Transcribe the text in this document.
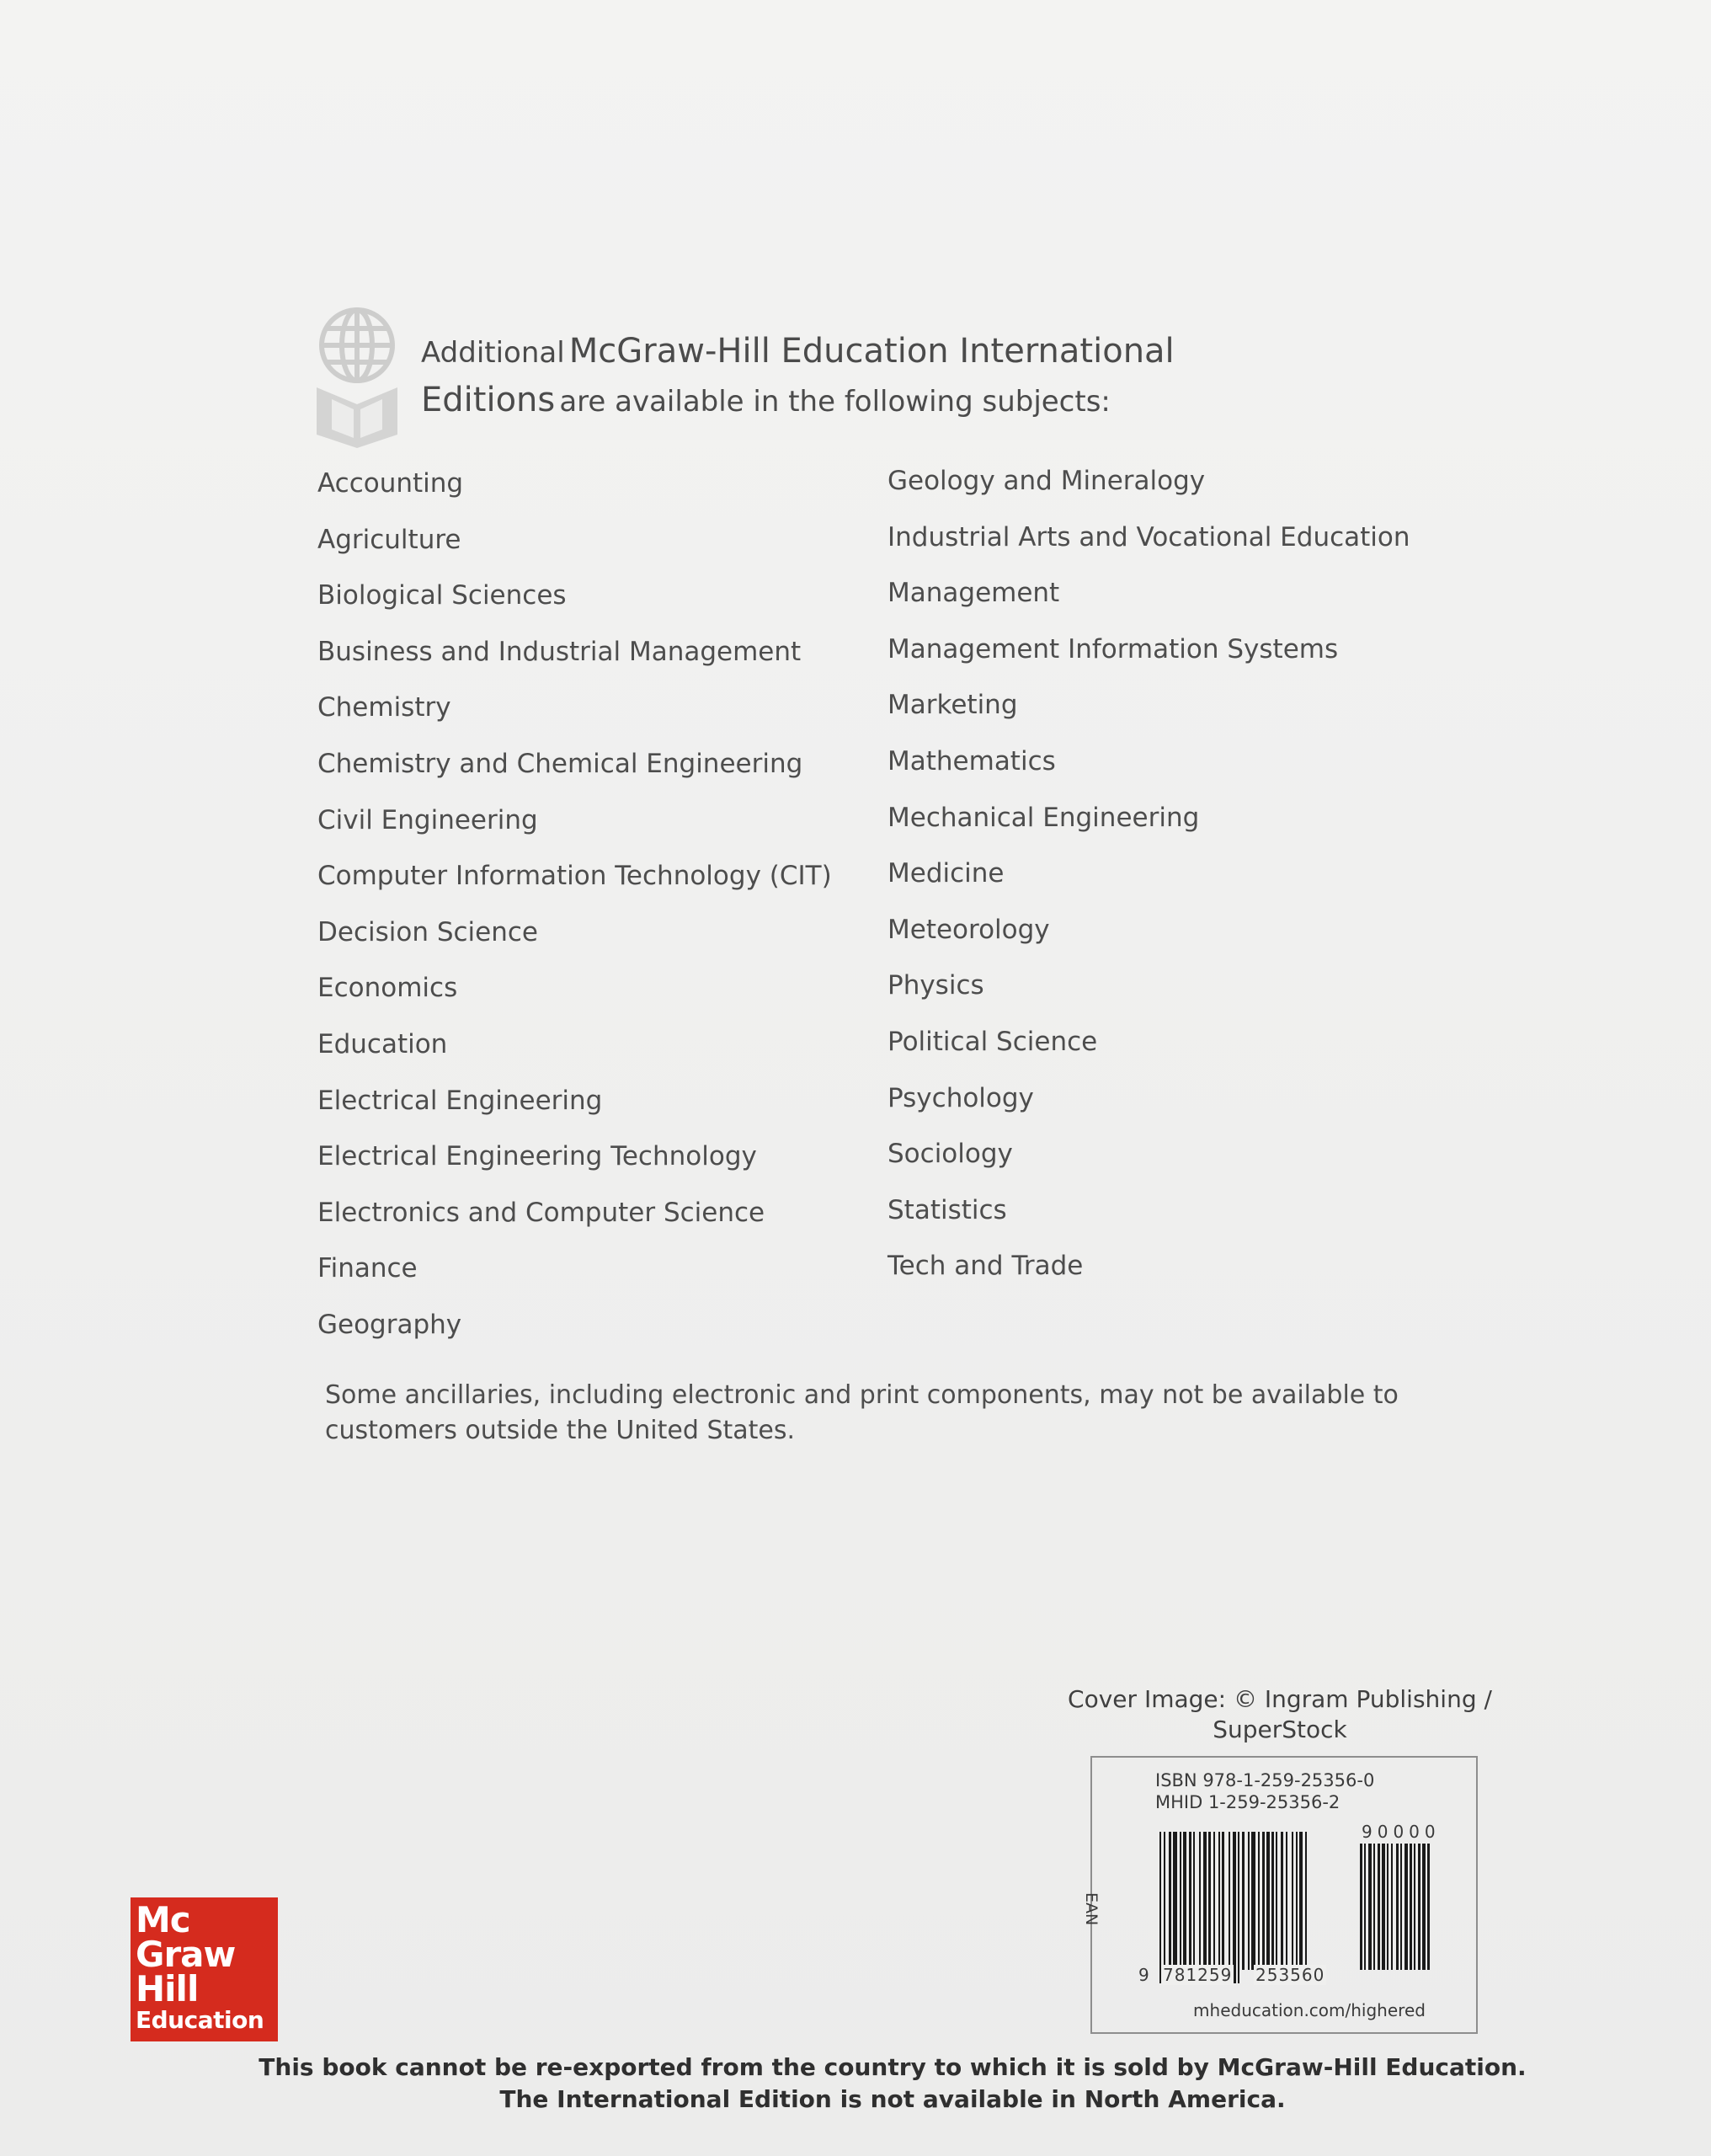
Additional McGraw-Hill Education International
Editions are available in the following subjects:
Accounting
Agriculture
Biological Sciences
Business and Industrial Management
Chemistry
Chemistry and Chemical Engineering
Civil Engineering
Computer Information Technology (CIT)
Decision Science
Economics
Education
Electrical Engineering
Electrical Engineering Technology
Electronics and Computer Science
Finance
Geography
Geology and Mineralogy
Industrial Arts and Vocational Education
Management
Management Information Systems
Marketing
Mathematics
Mechanical Engineering
Medicine
Meteorology
Physics
Political Science
Psychology
Sociology
Statistics
Tech and Trade
Some ancillaries, including electronic and print components, may not be available to
customers outside the United States.
Cover Image: © Ingram Publishing /
SuperStock
ISBN 978-1-259-25356-0
MHID 1-259-25356-2
EAN
90000
9 781259 253560
mheducation.com/highered
Mc
Graw
Hill
Education
This book cannot be re-exported from the country to which it is sold by McGraw-Hill Education.
The International Edition is not available in North America.
